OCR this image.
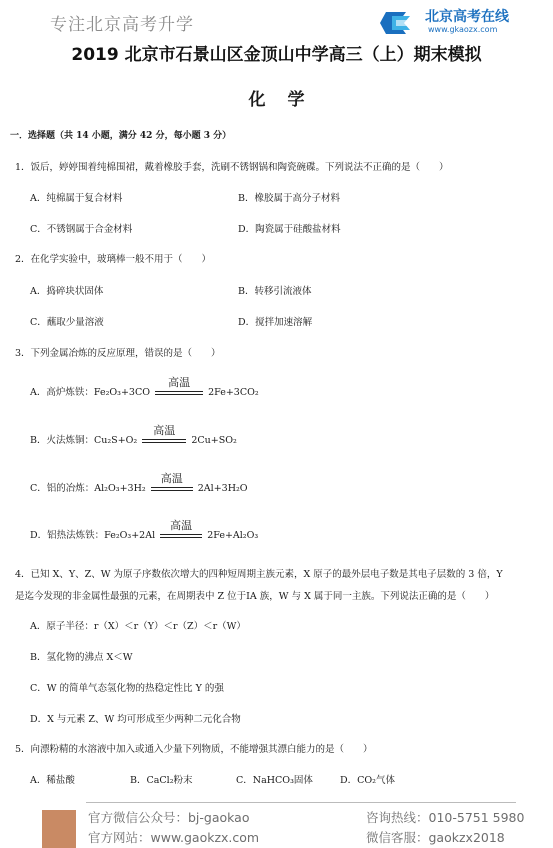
专注北京高考升学	北京高考在线
www.gkaozx.com
2019 北京市石景山区金顶山中学高三（上）期末模拟
化学
一．选择题（共 14 小题，满分 42 分，每小题 3 分）
1．饭后，婷婷围着纯棉围裙，戴着橡胶手套，洗刷不锈钢锅和陶瓷碗碟。下列说法不正确的是（　　）
A．纯棉属于复合材料	B．橡胶属于高分子材料
C．不锈钢属于合金材料	D．陶瓷属于硅酸盐材料
2．在化学实验中，玻璃棒一般不用于（　　）
A．捣碎块状固体	B．转移引流液体
C．蘸取少量溶液	D．搅拌加速溶解
3．下列金属冶炼的反应原理，错误的是（　　）
A．高炉炼铁：Fe₂O₃+3CO
高温
2Fe+3CO₂
B．火法炼铜：Cu₂S+O₂
高温
2Cu+SO₂
C．铝的冶炼：Al₂O₃+3H₂
高温
2Al+3H₂O
D．铝热法炼铁：Fe₂O₃+2Al
高温
2Fe+Al₂O₃
4．已知 X、Y、Z、W 为原子序数依次增大的四种短周期主族元素，X 原子的最外层电子数是其电子层数的 3 倍，Y
是迄今发现的非金属性最强的元素，在周期表中 Z 位于ⅠA 族，W 与 X 属于同一主族。下列说法正确的是（　　）
A．原子半径：r（X）＜r（Y）＜r（Z）＜r（W）
B．氢化物的沸点 X＜W
C．W 的简单气态氢化物的热稳定性比 Y 的强
D．X 与元素 Z、W 均可形成至少两种二元化合物
5．向漂粉精的水溶液中加入或通入少量下列物质，不能增强其漂白能力的是（　　）
A．稀盐酸	B．CaCl₂粉末	C．NaHCO₃固体	D．CO₂气体
官方微信公众号：bj-gaokao
官方网站：www.gaokzx.com
咨询热线：010-5751 5980
微信客服：gaokzx2018
